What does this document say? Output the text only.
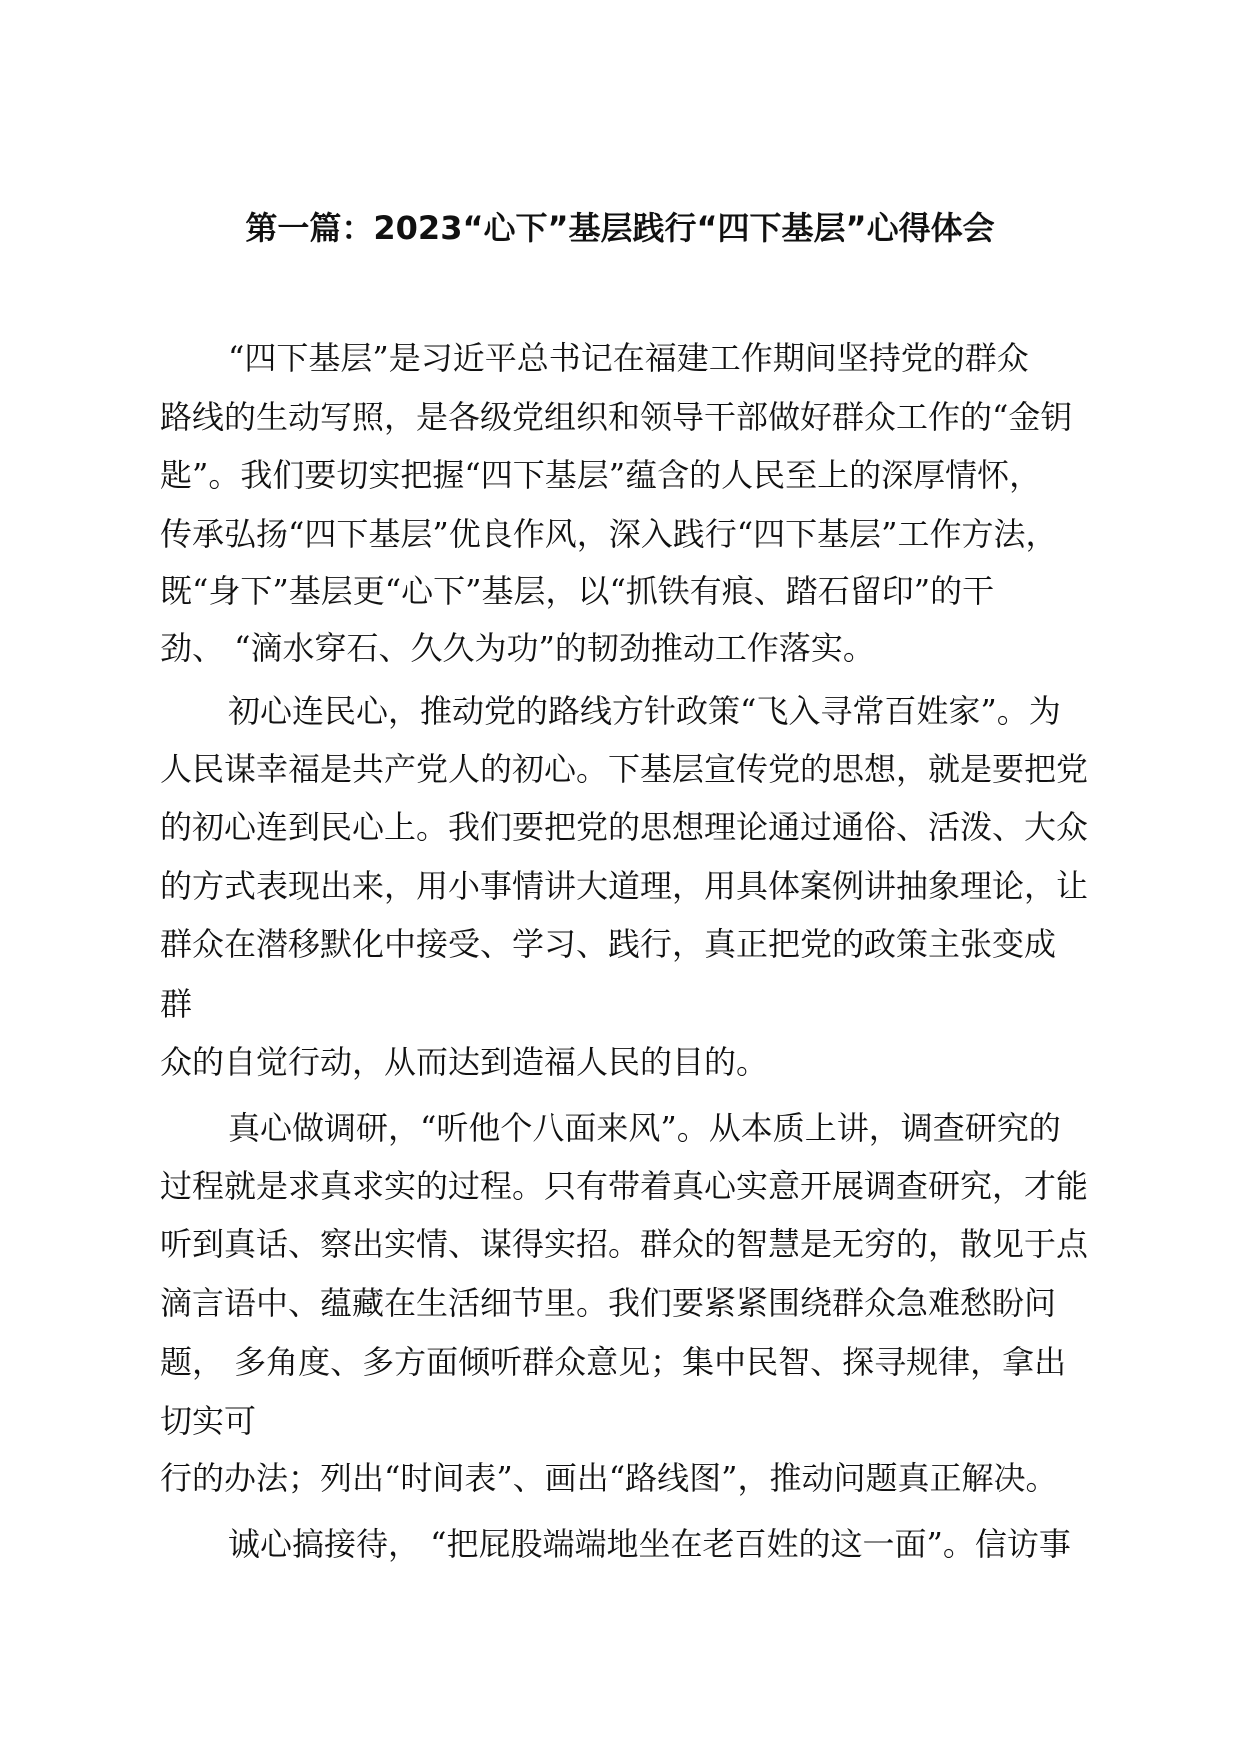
第一篇：2023“心下”基层践行“四下基层”心得体会
“四下基层”是习近平总书记在福建工作期间坚持党的群众
路线的生动写照，是各级党组织和领导干部做好群众工作的“金钥
匙”。我们要切实把握“四下基层”蕴含的人民至上的深厚情怀，
传承弘扬“四下基层”优良作风，深入践行“四下基层”工作方法，
既“身下”基层更“心下”基层，以“抓铁有痕、踏石留印”的干
劲、 “滴水穿石、久久为功”的韧劲推动工作落实。
初心连民心，推动党的路线方针政策“飞入寻常百姓家”。为
人民谋幸福是共产党人的初心。下基层宣传党的思想，就是要把党
的初心连到民心上。我们要把党的思想理论通过通俗、活泼、大众
的方式表现出来，用小事情讲大道理，用具体案例讲抽象理论，让
群众在潜移默化中接受、学习、践行，真正把党的政策主张变成
群
众的自觉行动，从而达到造福人民的目的。
真心做调研，“听他个八面来风”。从本质上讲，调查研究的
过程就是求真求实的过程。只有带着真心实意开展调查研究，才能
听到真话、察出实情、谋得实招。群众的智慧是无穷的，散见于点
滴言语中、蕴藏在生活细节里。我们要紧紧围绕群众急难愁盼问
题， 多角度、多方面倾听群众意见；集中民智、探寻规律，拿出
切实可
行的办法；列出“时间表”、画出“路线图”，推动问题真正解决。
诚心搞接待， “把屁股端端地坐在老百姓的这一面”。信访事
